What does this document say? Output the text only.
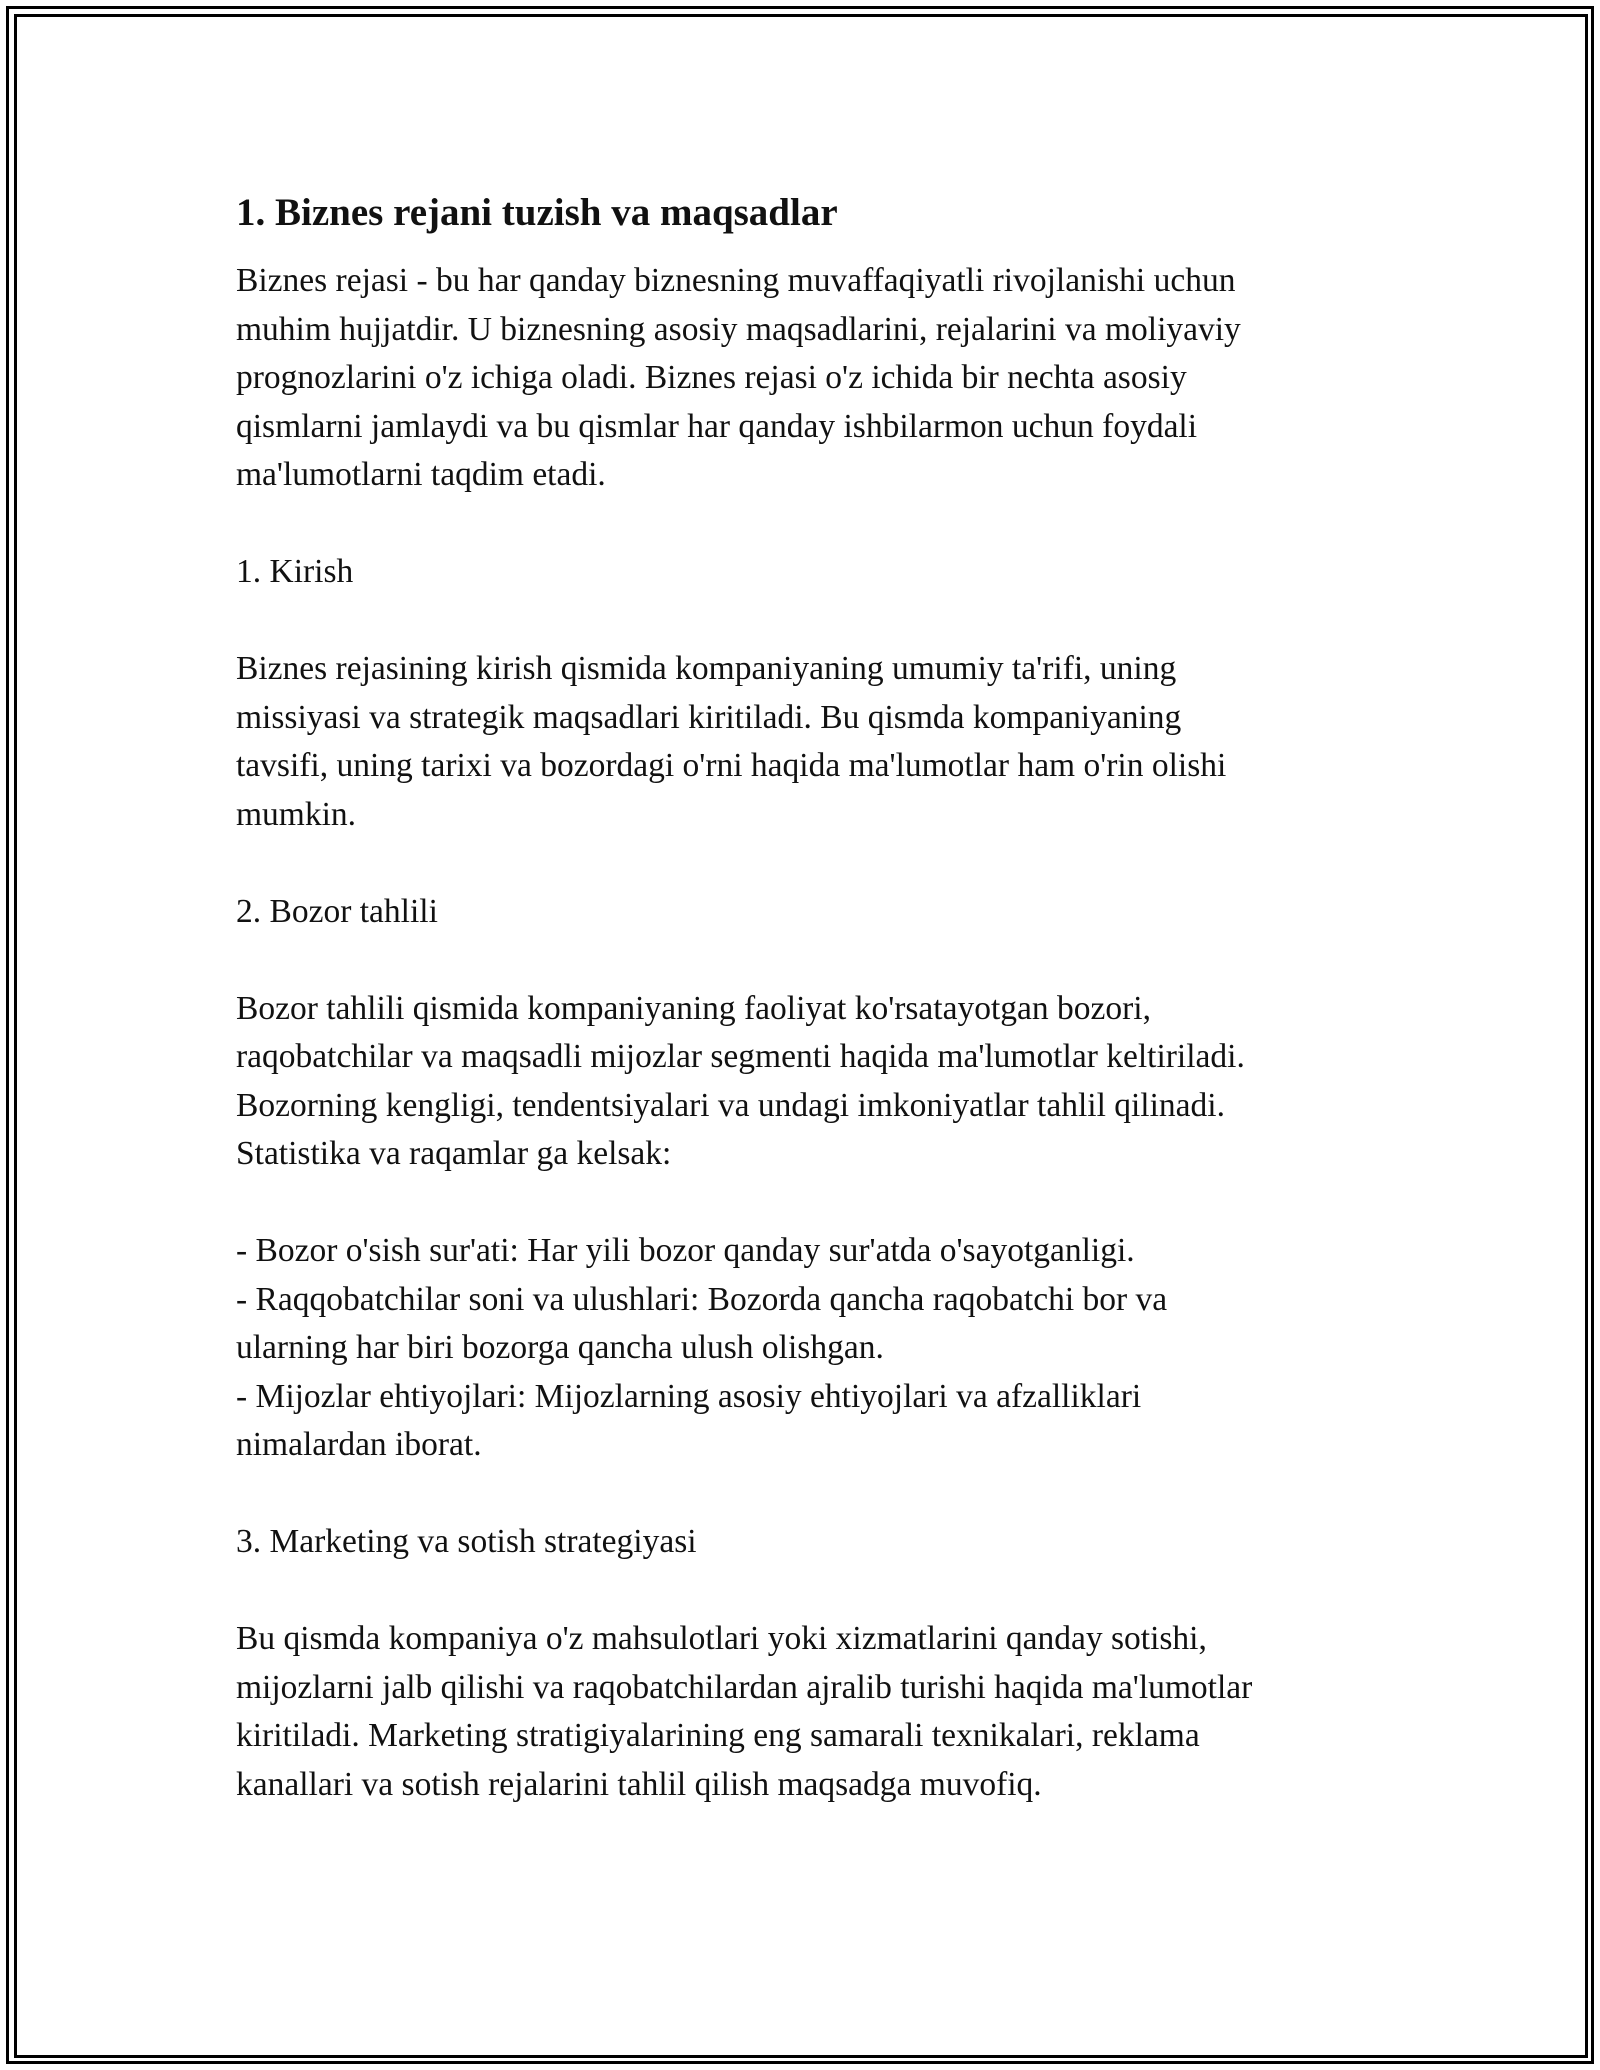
1. Biznes rejani tuzish va maqsadlar

Biznes rejasi - bu har qanday biznesning muvaffaqiyatli rivojlanishi uchun
muhim hujjatdir. U biznesning asosiy maqsadlarini, rejalarini va moliyaviy
prognozlarini o'z ichiga oladi. Biznes rejasi o'z ichida bir nechta asosiy
qismlarni jamlaydi va bu qismlar har qanday ishbilarmon uchun foydali
ma'lumotlarni taqdim etadi.

1. Kirish

Biznes rejasining kirish qismida kompaniyaning umumiy ta'rifi, uning
missiyasi va strategik maqsadlari kiritiladi. Bu qismda kompaniyaning
tavsifi, uning tarixi va bozordagi o'rni haqida ma'lumotlar ham o'rin olishi
mumkin.

2. Bozor tahlili

Bozor tahlili qismida kompaniyaning faoliyat ko'rsatayotgan bozori,
raqobatchilar va maqsadli mijozlar segmenti haqida ma'lumotlar keltiriladi.
Bozorning kengligi, tendentsiyalari va undagi imkoniyatlar tahlil qilinadi.
Statistika va raqamlar ga kelsak:

- Bozor o'sish sur'ati: Har yili bozor qanday sur'atda o'sayotganligi.
- Raqqobatchilar soni va ulushlari: Bozorda qancha raqobatchi bor va
ularning har biri bozorga qancha ulush olishgan.
- Mijozlar ehtiyojlari: Mijozlarning asosiy ehtiyojlari va afzalliklari
nimalardan iborat.

3. Marketing va sotish strategiyasi

Bu qismda kompaniya o'z mahsulotlari yoki xizmatlarini qanday sotishi,
mijozlarni jalb qilishi va raqobatchilardan ajralib turishi haqida ma'lumotlar
kiritiladi. Marketing stratigiyalarining eng samarali texnikalari, reklama
kanallari va sotish rejalarini tahlil qilish maqsadga muvofiq.
